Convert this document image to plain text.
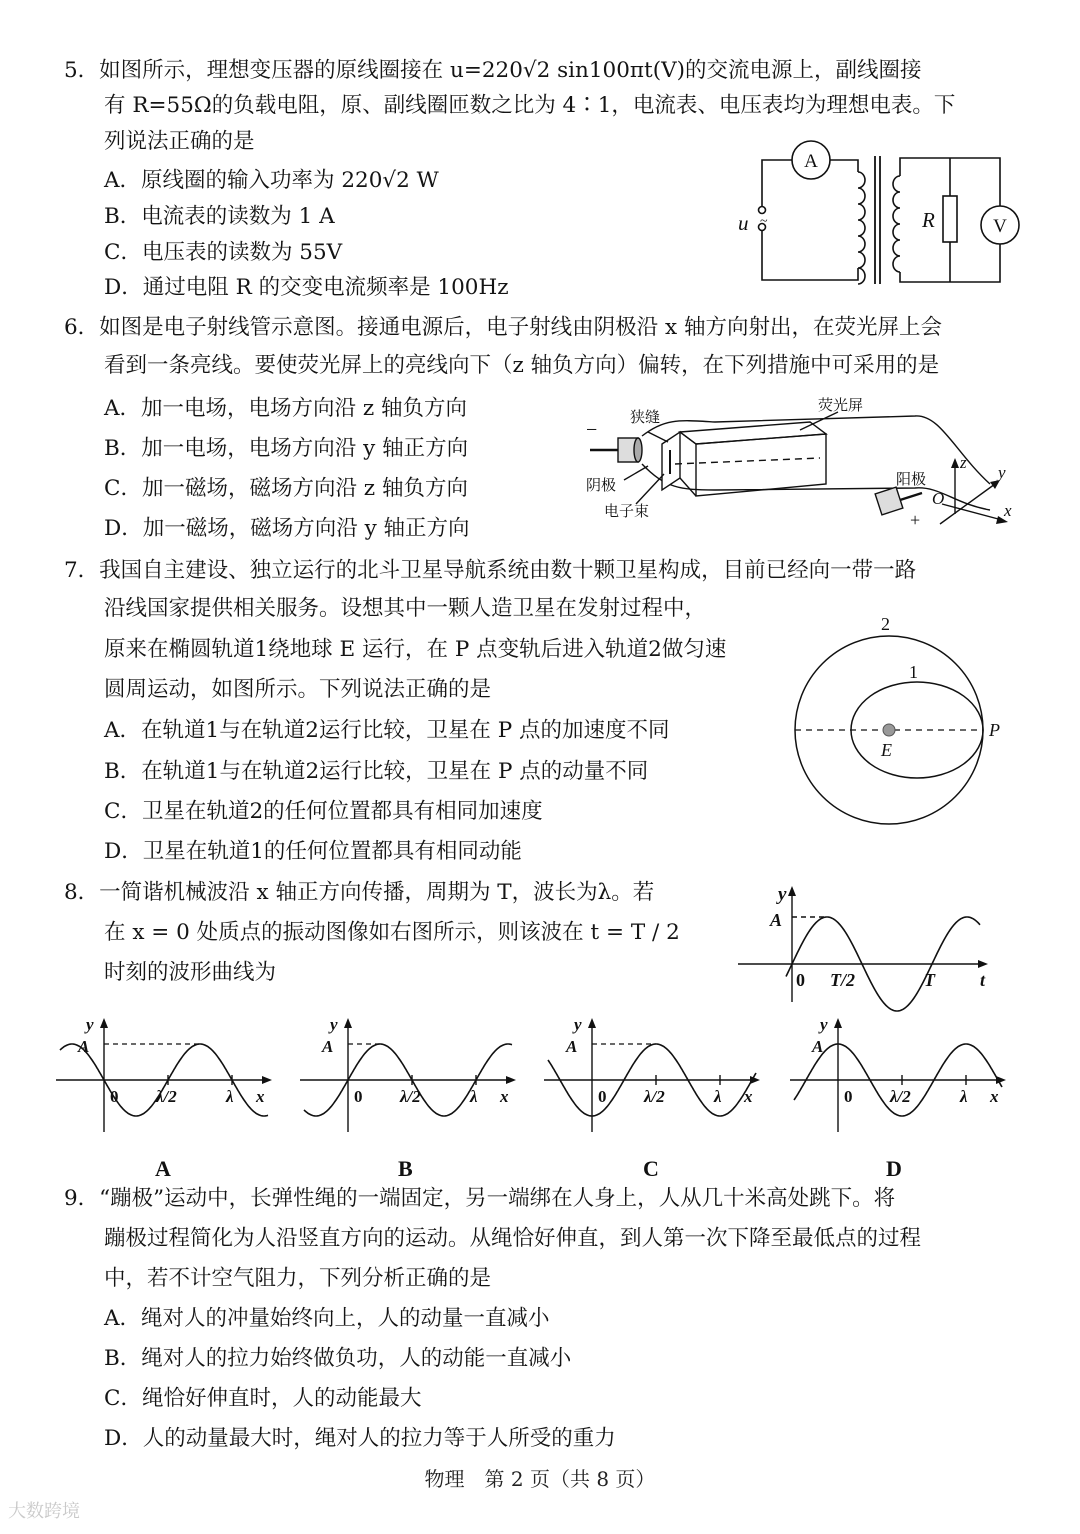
5．如图所示，理想变压器的原线圈接在 u=220√2 sin100πt(V)的交流电源上，副线圈接
有 R=55Ω的负载电阻，原、副线圈匝数之比为 4∶1，电流表、电压表均为理想电表。下
列说法正确的是
A．原线圈的输入功率为 220√2 W
B．电流表的读数为 1 A
C．电压表的读数为 55V
D．通过电阻 R 的交变电流频率是 100Hz
A
V
R
u ~
6．如图是电子射线管示意图。接通电源后，电子射线由阴极沿 x 轴方向射出，在荧光屏上会
看到一条亮线。要使荧光屏上的亮线向下（z 轴负方向）偏转，在下列措施中可采用的是
A．加一电场，电场方向沿 z 轴负方向
B．加一电场，电场方向沿 y 轴正方向
C．加一磁场，磁场方向沿 z 轴负方向
D．加一磁场，磁场方向沿 y 轴正方向
−
+
狭缝
荧光屏
阴极	阳极
电子束
z
y
x
O
7．我国自主建设、独立运行的北斗卫星导航系统由数十颗卫星构成，目前已经向一带一路
沿线国家提供相关服务。设想其中一颗人造卫星在发射过程中，
原来在椭圆轨道1绕地球 E 运行，在 P 点变轨后进入轨道2做匀速
圆周运动，如图所示。下列说法正确的是
A．在轨道1与在轨道2运行比较，卫星在 P 点的加速度不同
B．在轨道1与在轨道2运行比较，卫星在 P 点的动量不同
C．卫星在轨道2的任何位置都具有相同加速度
D．卫星在轨道1的任何位置都具有相同动能
2
1
E
P
8．一简谐机械波沿 x 轴正方向传播，周期为 T，波长为λ。若
在 x = 0 处质点的振动图像如右图所示，则该波在 t = T / 2
时刻的波形曲线为
y
A
0 T/2	T	t
y
A
0 λ/2	λ x
y
A
0 λ/2	λ x
y
A
0 λ/2	λ x
y
A
0 λ/2	λ x
A	B	C	D
9．“蹦极”运动中，长弹性绳的一端固定，另一端绑在人身上，人从几十米高处跳下。将
蹦极过程简化为人沿竖直方向的运动。从绳恰好伸直，到人第一次下降至最低点的过程
中，若不计空气阻力，下列分析正确的是
A．绳对人的冲量始终向上，人的动量一直减小
B．绳对人的拉力始终做负功，人的动能一直减小
C．绳恰好伸直时，人的动能最大
D．人的动量最大时，绳对人的拉力等于人所受的重力
物理　第 2 页（共 8 页）
大数跨境
